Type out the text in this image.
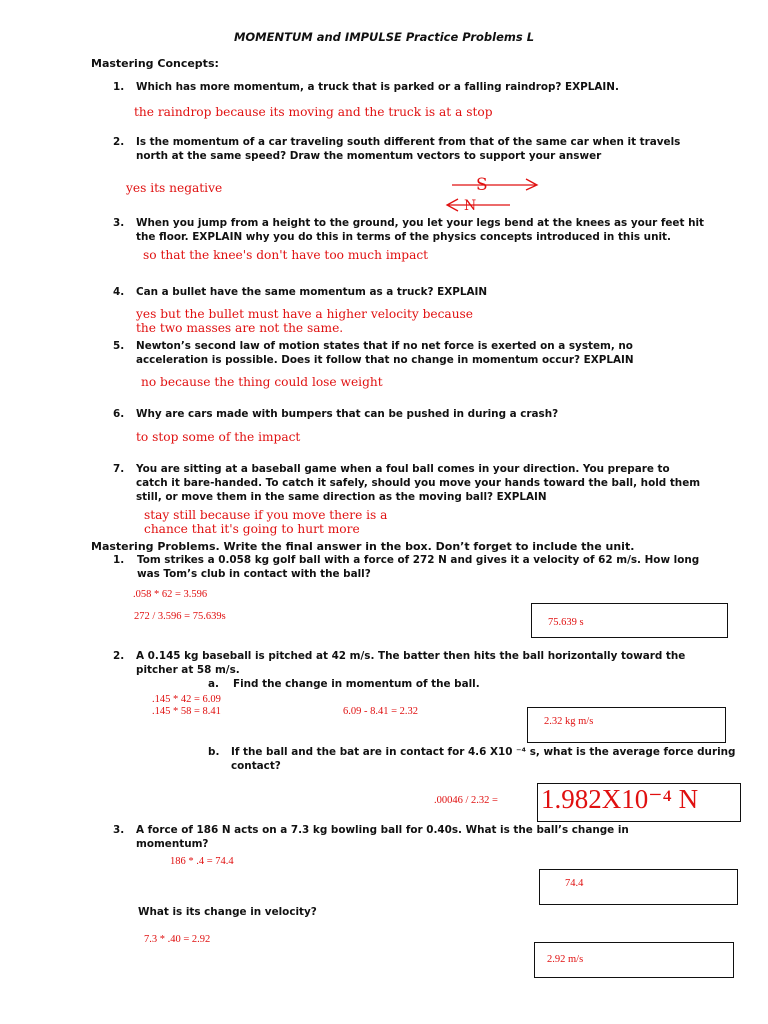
MOMENTUM and IMPULSE Practice Problems L
Mastering Concepts:
1. Which has more momentum, a truck that is parked or a falling raindrop? EXPLAIN.
the raindrop because its moving and the truck is at a stop
2. Is the momentum of a car traveling south different from that of the same car when it travels
north at the same speed? Draw the momentum vectors to support your answer
yes its negative	S
N
3. When you jump from a height to the ground, you let your legs bend at the knees as your feet hit
the floor. EXPLAIN why you do this in terms of the physics concepts introduced in this unit.
so that the knee's don't have too much impact
4. Can a bullet have the same momentum as a truck? EXPLAIN
yes but the bullet must have a higher velocity because
the two masses are not the same.
5. Newton’s second law of motion states that if no net force is exerted on a system, no
acceleration is possible. Does it follow that no change in momentum occur? EXPLAIN
no because the thing could lose weight
6. Why are cars made with bumpers that can be pushed in during a crash?
to stop some of the impact
7. You are sitting at a baseball game when a foul ball comes in your direction. You prepare to
catch it bare-handed. To catch it safely, should you move your hands toward the ball, hold them
still, or move them in the same direction as the moving ball? EXPLAIN
stay still because if you move there is a
chance that it's going to hurt more
Mastering Problems. Write the final answer in the box. Don’t forget to include the unit.
1. Tom strikes a 0.058 kg golf ball with a force of 272 N and gives it a velocity of 62 m/s. How long
was Tom’s club in contact with the ball?
.058 * 62 = 3.596
272 / 3.596 = 75.639s
75.639 s
2. A 0.145 kg baseball is pitched at 42 m/s. The batter then hits the ball horizontally toward the
pitcher at 58 m/s.
a. Find the change in momentum of the ball.
.145 * 42 = 6.09
.145 * 58 = 8.41	6.09 - 8.41 = 2.32
2.32 kg m/s
b. If the ball and the bat are in contact for 4.6 X10 ⁻⁴ s, what is the average force during
contact?
.00046 / 2.32 = 1.982X10⁻⁴ N
3. A force of 186 N acts on a 7.3 kg bowling ball for 0.40s. What is the ball’s change in
momentum?
186 * .4 = 74.4
74.4
What is its change in velocity?
7.3 * .40 = 2.92
2.92 m/s
